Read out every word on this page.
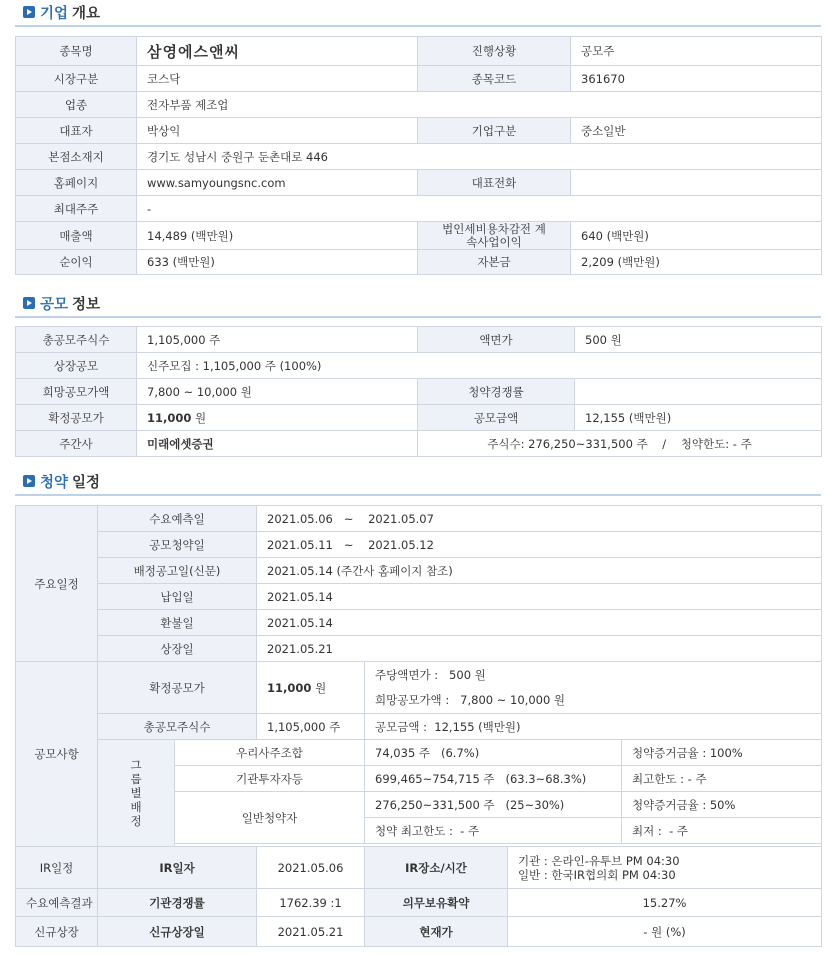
기업 개요
종목명	삼영에스앤씨	진행상황	공모주
시장구분	코스닥	종목코드	361670
업종	전자부품 제조업		
대표자	박상익	기업구분	중소일반
본점소재지	경기도 성남시 중원구 둔촌대로 446		
홈페이지	www.samyoungsnc.com	대표전화	
최대주주	-		
매출액	14,489 (백만원)	법인세비용차감전 계속사업이익	640 (백만원)
순이익	633 (백만원)	자본금	2,209 (백만원)
공모 정보
총공모주식수	1,105,000 주	액면가	500 원
상장공모	신주모집 : 1,105,000 주 (100%)		
희망공모가액	7,800 ~ 10,000 원	청약경쟁률	
확정공모가	11,000 원	공모금액	12,155 (백만원)
주간사	미래에셋증권	주식수: 276,250~331,500 주    /    청약한도: - 주	
청약 일정
주요일정	수요예측일		2021.05.06   ~    2021.05.07			
	공모청약일		2021.05.11   ~    2021.05.12			
	배정공고일(신문)		2021.05.14 (주간사 홈페이지 참조)			
	납입일		2021.05.14			
	환불일		2021.05.14			
	상장일		2021.05.21			
공모사항	확정공모가		11,000 원	주당액면가 :   500 원		
				희망공모가액 :   7,800 ~ 10,000 원		
	총공모주식수		1,105,000 주	공모금액 :  12,155 (백만원)		

	그룹별배정	우리사주조합		74,035 주   (6.7%)		청약증거금율 : 100%
		기관투자자등		699,465~754,715 주   (63.3~68.3%)		최고한도 : - 주
		일반청약자		276,250~331,500 주   (25~30%)		청약증거금율 : 50%
				청약 최고한도 :  - 주		최저 :  - 주

IR일정	IR일자		2021.05.06	IR장소/시간	기관 : 온라인-유투브 PM 04:30
일반 : 한국IR협의회 PM 04:30	

수요예측결과	기관경쟁률		1762.39 :1	의무보유확약	15.27%	
신규상장	신규상장일		2021.05.21	현재가	- 원 (%)	
